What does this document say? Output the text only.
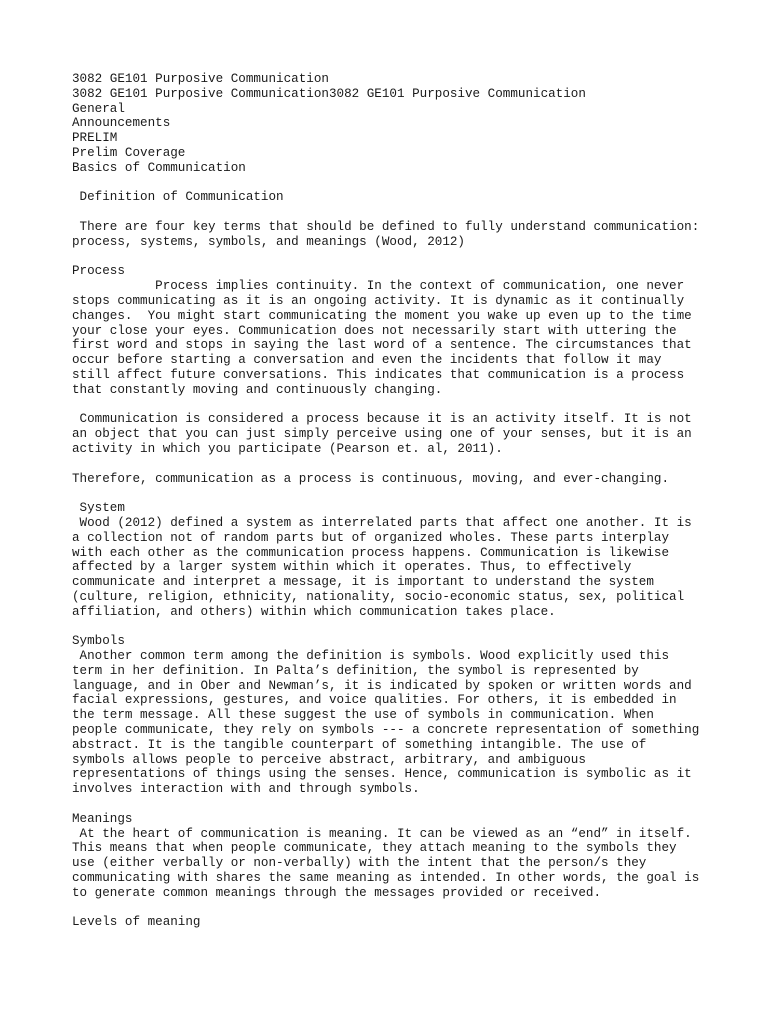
3082 GE101 Purposive Communication
3082 GE101 Purposive Communication3082 GE101 Purposive Communication
General
Announcements
PRELIM
Prelim Coverage
Basics of Communication
Definition of Communication
There are four key terms that should be defined to fully understand communication:
process, systems, symbols, and meanings (Wood, 2012)
Process
Process implies continuity. In the context of communication, one never
stops communicating as it is an ongoing activity. It is dynamic as it continually
changes.  You might start communicating the moment you wake up even up to the time
your close your eyes. Communication does not necessarily start with uttering the
first word and stops in saying the last word of a sentence. The circumstances that
occur before starting a conversation and even the incidents that follow it may
still affect future conversations. This indicates that communication is a process
that constantly moving and continuously changing.
Communication is considered a process because it is an activity itself. It is not
an object that you can just simply perceive using one of your senses, but it is an
activity in which you participate (Pearson et. al, 2011).
Therefore, communication as a process is continuous, moving, and ever-changing.
System
Wood (2012) defined a system as interrelated parts that affect one another. It is
a collection not of random parts but of organized wholes. These parts interplay
with each other as the communication process happens. Communication is likewise
affected by a larger system within which it operates. Thus, to effectively
communicate and interpret a message, it is important to understand the system
(culture, religion, ethnicity, nationality, socio-economic status, sex, political
affiliation, and others) within which communication takes place.
Symbols
Another common term among the definition is symbols. Wood explicitly used this
term in her definition. In Palta’s definition, the symbol is represented by
language, and in Ober and Newman’s, it is indicated by spoken or written words and
facial expressions, gestures, and voice qualities. For others, it is embedded in
the term message. All these suggest the use of symbols in communication. When
people communicate, they rely on symbols --- a concrete representation of something
abstract. It is the tangible counterpart of something intangible. The use of
symbols allows people to perceive abstract, arbitrary, and ambiguous
representations of things using the senses. Hence, communication is symbolic as it
involves interaction with and through symbols.
Meanings
At the heart of communication is meaning. It can be viewed as an “end” in itself.
This means that when people communicate, they attach meaning to the symbols they
use (either verbally or non-verbally) with the intent that the person/s they
communicating with shares the same meaning as intended. In other words, the goal is
to generate common meanings through the messages provided or received.
Levels of meaning
